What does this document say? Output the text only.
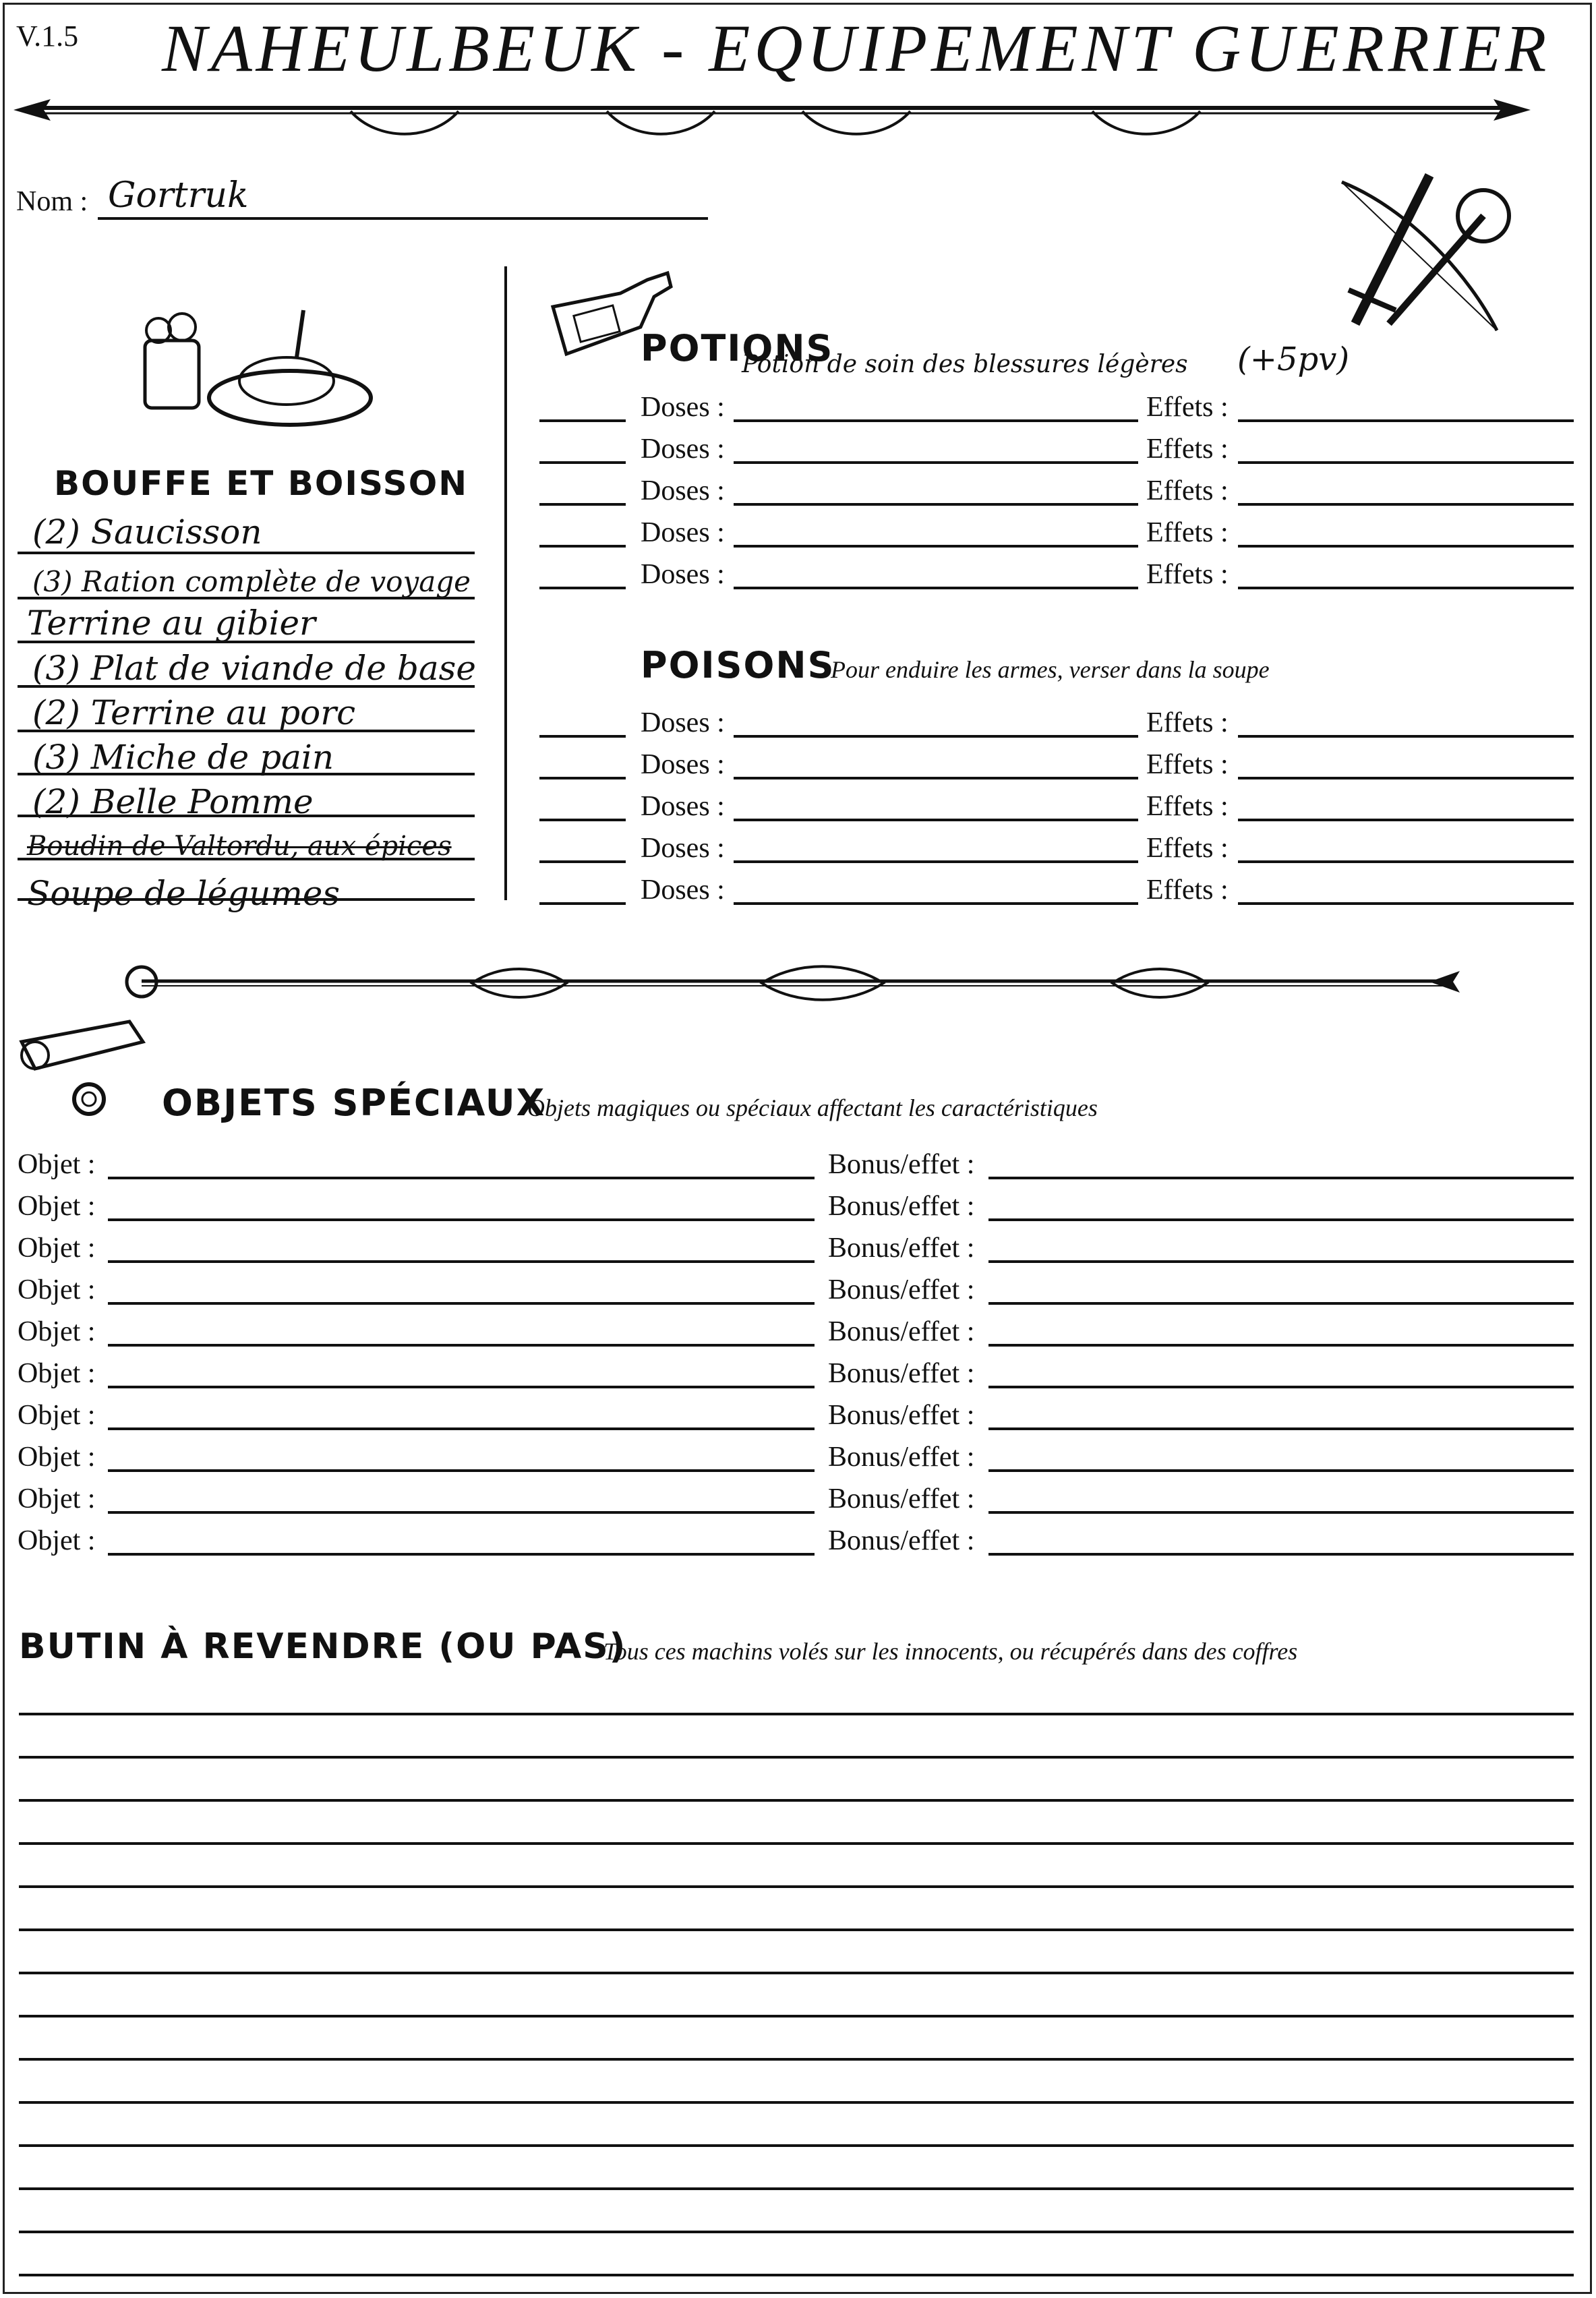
V.1.5 NAHEULBEUK - EQUIPEMENT GUERRIER
Nom : Gortruk
BOUFFE ET BOISSON
(2) Saucisson
(3) Ration complète de voyage
Terrine au gibier
(3) Plat de viande de base
(2) Terrine au porc
(3) Miche de pain
(2) Belle Pomme
Boudin de Valtordu, aux épices
Soupe de légumes
POTIONS
Potion de soin des blessures légères (+5pv)
Doses :	Effets :
Doses :	Effets :
Doses :	Effets :
Doses :	Effets :
Doses :	Effets :
POISONS
Pour enduire les armes, verser dans la soupe
Doses :	Effets :
Doses :	Effets :
Doses :	Effets :
Doses :	Effets :
Doses :	Effets :
OBJETS SPÉCIAUX
Objets magiques ou spéciaux affectant les caractéristiques
Objet :	Bonus/effet :
Objet :	Bonus/effet :
Objet :	Bonus/effet :
Objet :	Bonus/effet :
Objet :	Bonus/effet :
Objet :	Bonus/effet :
Objet :	Bonus/effet :
Objet :	Bonus/effet :
Objet :	Bonus/effet :
Objet :	Bonus/effet :
BUTIN À REVENDRE (OU PAS)
Tous ces machins volés sur les innocents, ou récupérés dans des coffres
